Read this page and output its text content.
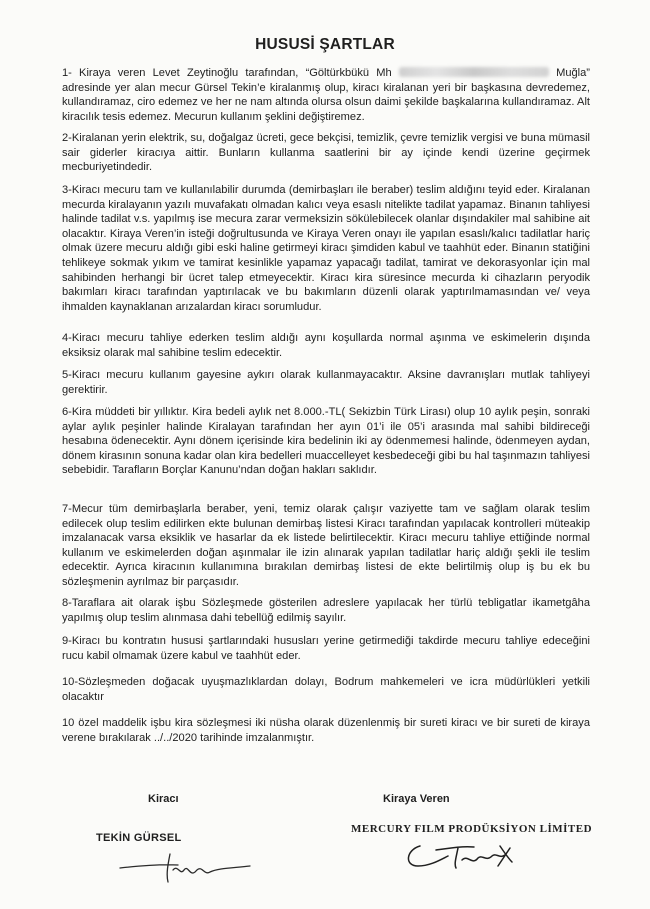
HUSUSİ ŞARTLAR

1- Kiraya veren Levet Zeytinoğlu tarafından, “Göltürkbükü Mh	Muğla” adresinde yer alan mecur Gürsel Tekin’e kiralanmış olup, kiracı kiralanan yeri bir başkasına devredemez, kullandıramaz, ciro edemez ve her ne nam altında olursa olsun daimi şekilde başkalarına kullandıramaz. Alt kiracılık tesis edemez. Mecurun kullanım şeklini değiştiremez.

2-Kiralanan yerin elektrik, su, doğalgaz ücreti, gece bekçisi, temizlik, çevre temizlik vergisi ve buna mümasil sair giderler kiracıya aittir. Bunların kullanma saatlerini bir ay içinde kendi üzerine geçirmek mecburiyetindedir.

3-Kiracı mecuru tam ve kullanılabilir durumda (demirbaşları ile beraber) teslim aldığını teyid eder. Kiralanan mecurda kiralayanın yazılı muvafakatı olmadan kalıcı veya esaslı nitelikte tadilat yapamaz. Binanın tahliyesi halinde tadilat v.s. yapılmış ise mecura zarar vermeksizin sökülebilecek olanlar dışındakiler mal sahibine ait olacaktır. Kiraya Veren’in isteği doğrultusunda ve Kiraya Veren onayı ile yapılan esaslı/kalıcı tadilatlar hariç olmak üzere mecuru aldığı gibi eski haline getirmeyi kiracı şimdiden kabul ve taahhüt eder. Binanın statiğini tehlikeye sokmak yıkım ve tamirat kesinlikle yapamaz yapacağı tadilat, tamirat ve dekorasyonlar için mal sahibinden herhangi bir ücret talep etmeyecektir. Kiracı kira süresince mecurda ki cihazların peryodik bakımları kiracı tarafından yaptırılacak ve bu bakımların düzenli olarak yaptırılmamasından ve/ veya ihmalden kaynaklanan arızalardan kiracı sorumludur.

4-Kiracı mecuru tahliye ederken teslim aldığı aynı koşullarda normal aşınma ve eskimelerin dışında eksiksiz olarak mal sahibine teslim edecektir.

5-Kiracı mecuru kullanım gayesine aykırı olarak kullanmayacaktır. Aksine davranışları mutlak tahliyeyi gerektirir.

6-Kira müddeti bir yıllıktır. Kira bedeli aylık net 8.000.-TL( Sekizbin Türk Lirası) olup 10 aylık peşin, sonraki aylar aylık peşinler halinde Kiralayan tarafından her ayın 01’i ile 05’i arasında mal sahibi bildireceği hesabına ödenecektir. Aynı dönem içerisinde kira bedelinin iki ay ödenmemesi halinde, ödenmeyen aydan, dönem kirasının sonuna kadar olan kira bedelleri muaccelleyet kesbedeceği gibi bu hal taşınmazın tahliyesi sebebidir. Tarafların Borçlar Kanunu’ndan doğan hakları saklıdır.

7-Mecur tüm demirbaşlarla beraber, yeni, temiz olarak çalışır vaziyette tam ve sağlam olarak teslim edilecek olup teslim edilirken ekte bulunan demirbaş listesi Kiracı tarafından yapılacak kontrolleri müteakip imzalanacak varsa eksiklik ve hasarlar da ek listede belirtilecektir. Kiracı mecuru tahliye ettiğinde normal kullanım ve eskimelerden doğan aşınmalar ile izin alınarak yapılan tadilatlar hariç aldığı şekli ile teslim edecektir. Ayrıca kiracının kullanımına bırakılan demirbaş listesi de ekte belirtilmiş olup iş bu ek bu sözleşmenin ayrılmaz bir parçasıdır.

8-Taraflara ait olarak işbu Sözleşmede gösterilen adreslere yapılacak her türlü tebligatlar ikametgâha yapılmış olup teslim alınmasa dahi tebellüğ edilmiş sayılır.

9-Kiracı bu kontratın hususi şartlarındaki hususları yerine getirmediği takdirde mecuru tahliye edeceğini rucu kabil olmamak üzere kabul ve taahhüt eder.

10-Sözleşmeden doğacak uyuşmazlıklardan dolayı, Bodrum mahkemeleri ve icra müdürlükleri yetkili olacaktır

10 özel maddelik işbu kira sözleşmesi iki nüsha olarak düzenlenmiş bir sureti kiracı ve bir sureti de kiraya verene bırakılarak ../../2020 tarihinde imzalanmıştır.

Kiracı	Kiraya Veren
TEKİN GÜRSEL
MERCURY FILM PRODÜKSİYON LİMİTED
